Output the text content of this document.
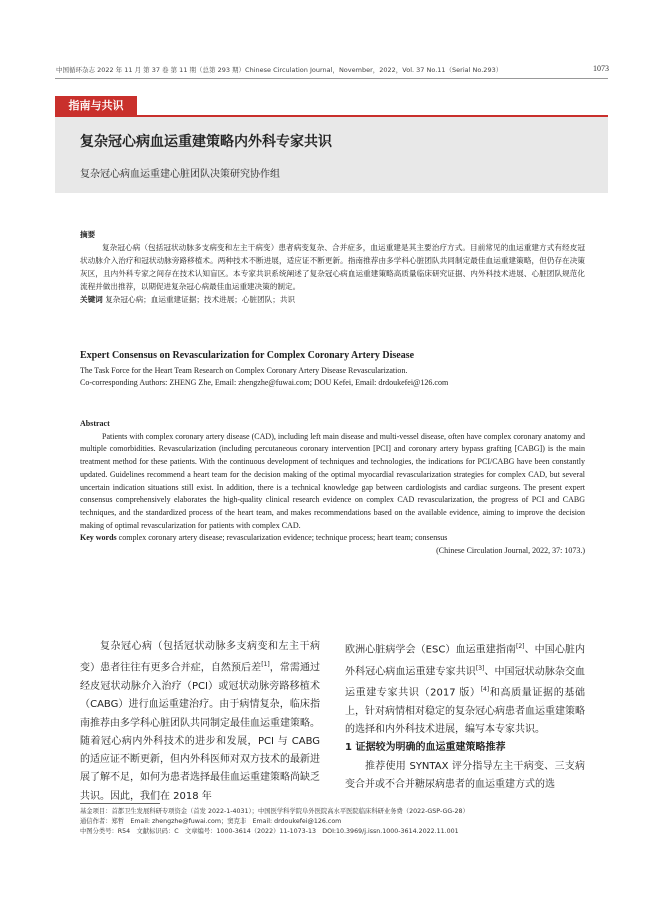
中国循环杂志 2022 年 11 月 第 37 卷 第 11 期（总第 293 期）Chinese Circulation Journal，November，2022，Vol. 37 No.11（Serial No.293）	1073
指南与共识
复杂冠心病血运重建策略内外科专家共识
复杂冠心病血运重建心脏团队决策研究协作组
摘要
复杂冠心病（包括冠状动脉多支病变和左主干病变）患者病变复杂、合并症多，血运重建是其主要治疗方式。目前常见的血运重建方式有经皮冠状动脉介入治疗和冠状动脉旁路移植术。两种技术不断进展，适应证不断更新。指南推荐由多学科心脏团队共同制定最佳血运重建策略，但仍存在决策灰区，且内外科专家之间存在技术认知盲区。本专家共识系统阐述了复杂冠心病血运重建策略高质量临床研究证据、内外科技术进展、心脏团队规范化流程并做出推荐，以期促进复杂冠心病最佳血运重建决策的制定。
关键词 复杂冠心病；血运重建证据；技术进展；心脏团队；共识
Expert Consensus on Revascularization for Complex Coronary Artery Disease
The Task Force for the Heart Team Research on Complex Coronary Artery Disease Revascularization.
Co-corresponding Authors: ZHENG Zhe, Email: zhengzhe@fuwai.com; DOU Kefei, Email: drdoukefei@126.com
Abstract
Patients with complex coronary artery disease (CAD), including left main disease and multi-vessel disease, often have complex coronary anatomy and multiple comorbidities. Revascularization (including percutaneous coronary intervention [PCI] and coronary artery bypass grafting [CABG]) is the main treatment method for these patients. With the continuous development of techniques and technologies, the indications for PCI/CABG have been constantly updated. Guidelines recommend a heart team for the decision making of the optimal myocardial revascularization strategies for complex CAD, but several uncertain indication situations still exist. In addition, there is a technical knowledge gap between cardiologists and cardiac surgeons. The present expert consensus comprehensively elaborates the high-quality clinical research evidence on complex CAD revascularization, the progress of PCI and CABG techniques, and the standardized process of the heart team, and makes recommendations based on the available evidence, aiming to improve the decision making of optimal revascularization for patients with complex CAD.
Key words complex coronary artery disease; revascularization evidence; technique process; heart team; consensus
(Chinese Circulation Journal, 2022, 37: 1073.)
复杂冠心病（包括冠状动脉多支病变和左主干病变）患者往往有更多合并症，自然预后差[1]，常需通过经皮冠状动脉介入治疗（PCI）或冠状动脉旁路移植术（CABG）进行血运重建治疗。由于病情复杂，临床指南推荐由多学科心脏团队共同制定最佳血运重建策略。随着冠心病内外科技术的进步和发展，PCI 与 CABG 的适应证不断更新，但内外科医师对双方技术的最新进展了解不足，如何为患者选择最佳血运重建策略尚缺乏共识。因此，我们在 2018 年
欧洲心脏病学会（ESC）血运重建指南[2]、中国心脏内外科冠心病血运重建专家共识[3]、中国冠状动脉杂交血运重建专家共识（2017 版）[4]和高质量证据的基础上，针对病情相对稳定的复杂冠心病患者血运重建策略的选择和内外科技术进展，编写本专家共识。
1 证据较为明确的血运重建策略推荐
推荐使用 SYNTAX 评分指导左主干病变、三支病变合并或不合并糖尿病患者的血运重建方式的选
基金项目：首都卫生发展科研专项资金（首发 2022-1-4031）；中国医学科学院阜外医院高水平医院临床科研业务费（2022-GSP-GG-28）
通信作者：郑哲　Email: zhengzhe@fuwai.com；窦克非　Email: drdoukefei@126.com
中图分类号：R54　文献标识码：C　文章编号：1000-3614（2022）11-1073-13　DOI:10.3969/j.issn.1000-3614.2022.11.001
